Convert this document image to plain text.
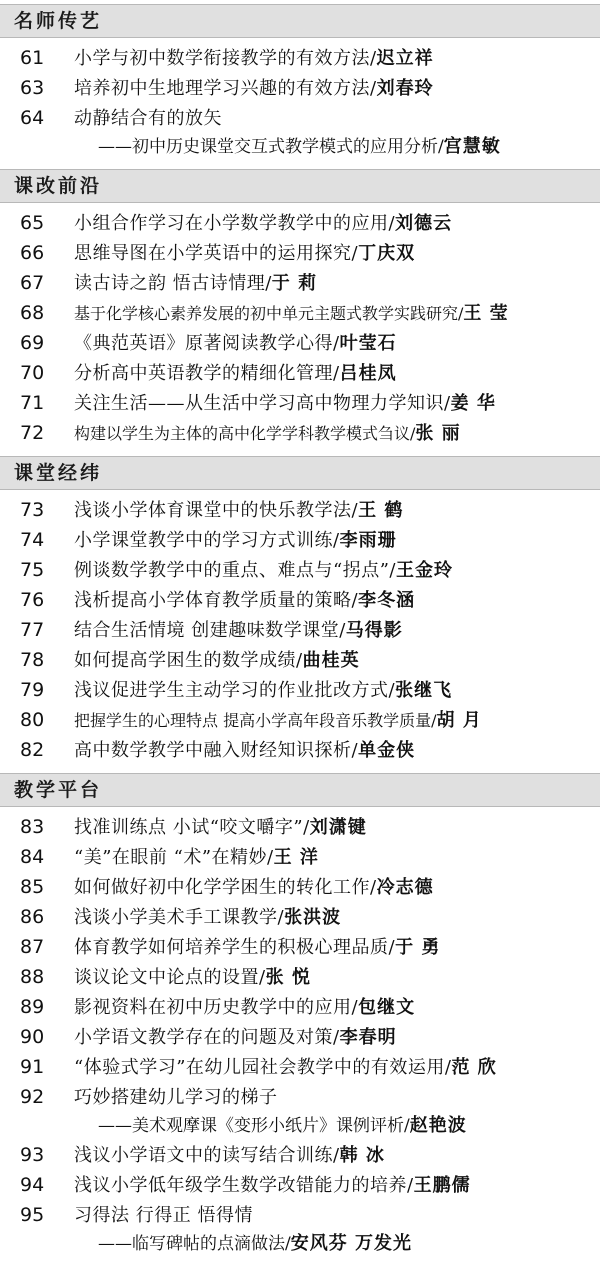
名师传艺
61	小学与初中数学衔接教学的有效方法/ 迟立祥
63	培养初中生地理学习兴趣的有效方法/ 刘春玲
64	动静结合有的放矢
——初中历史课堂交互式教学模式的应用分析/宫慧敏
课改前沿
65	小组合作学习在小学数学教学中的应用/ 刘德云
66	思维导图在小学英语中的运用探究/ 丁庆双
67	读古诗之韵 悟古诗情理/ 于 莉
68	基于化学核心素养发展的初中单元主题式教学实践研究/ 王 莹
69	《典范英语》原著阅读教学心得/ 叶莹石
70	分析高中英语教学的精细化管理/ 吕桂凤
71	关注生活——从生活中学习高中物理力学知识/ 姜 华
72	构建以学生为主体的高中化学学科教学模式刍议/ 张 丽
课堂经纬
73	浅谈小学体育课堂中的快乐教学法/ 王 鹤
74	小学课堂教学中的学习方式训练/ 李雨珊
75	例谈数学教学中的重点、难点与“拐点”/ 王金玲
76	浅析提高小学体育教学质量的策略/ 李冬涵
77	结合生活情境 创建趣味数学课堂/ 马得影
78	如何提高学困生的数学成绩/ 曲桂英
79	浅议促进学生主动学习的作业批改方式/ 张继飞
80	把握学生的心理特点 提高小学高年段音乐教学质量/ 胡 月
82	高中数学教学中融入财经知识探析/ 单金侠
教学平台
83	找准训练点 小试“咬文嚼字”/ 刘潇键
84	“美”在眼前 “术”在精妙/ 王 洋
85	如何做好初中化学学困生的转化工作/ 冷志德
86	浅谈小学美术手工课教学/ 张洪波
87	体育教学如何培养学生的积极心理品质/ 于 勇
88	谈议论文中论点的设置/ 张 悦
89	影视资料在初中历史教学中的应用/ 包继文
90	小学语文教学存在的问题及对策/ 李春明
91	“体验式学习”在幼儿园社会教学中的有效运用/ 范 欣
92	巧妙搭建幼儿学习的梯子
——美术观摩课《变形小纸片》课例评析/赵艳波
93	浅议小学语文中的读写结合训练/ 韩 冰
94	浅议小学低年级学生数学改错能力的培养/ 王鹏儒
95	习得法 行得正 悟得情
——临写碑帖的点滴做法/安风芬 万发光
